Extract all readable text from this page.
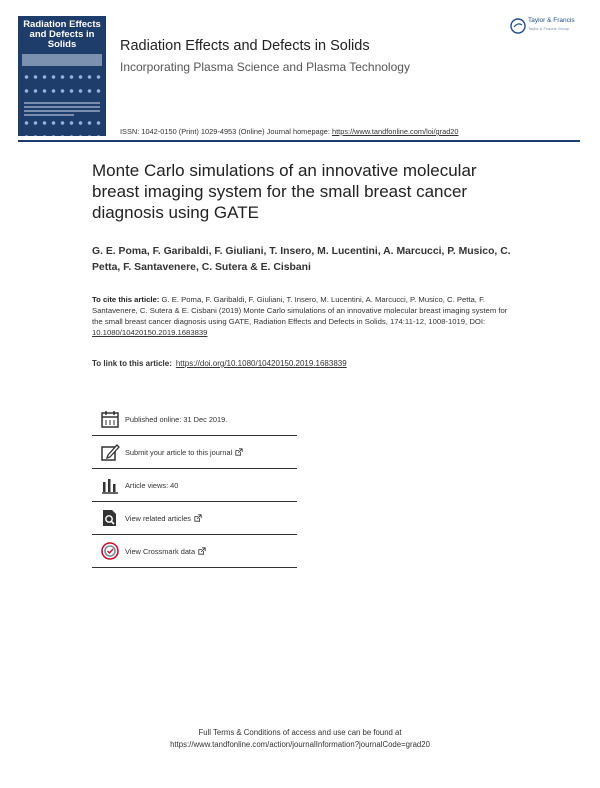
Radiation Effects and Defects in Solids	Radiation Effects and Defects in Solids
Incorporating Plasma Science and Plasma Technology
ISSN: 1042-0150 (Print) 1029-4953 (Online) Journal homepage: https://www.tandfonline.com/loi/grad20
Taylor & Francis
Taylor & Francis Group
Monte Carlo simulations of an innovative molecular breast imaging system for the small breast cancer diagnosis using GATE
G. E. Poma, F. Garibaldi, F. Giuliani, T. Insero, M. Lucentini, A. Marcucci, P. Musico, C. Petta, F. Santavenere, C. Sutera & E. Cisbani
To cite this article: G. E. Poma, F. Garibaldi, F. Giuliani, T. Insero, M. Lucentini, A. Marcucci, P. Musico, C. Petta, F. Santavenere, C. Sutera & E. Cisbani (2019) Monte Carlo simulations of an innovative molecular breast imaging system for the small breast cancer diagnosis using GATE, Radiation Effects and Defects in Solids, 174:11-12, 1008-1019, DOI: 10.1080/10420150.2019.1683839
To link to this article: https://doi.org/10.1080/10420150.2019.1683839
Published online: 31 Dec 2019.
Submit your article to this journal
Article views: 40
View related articles
View Crossmark data
Full Terms & Conditions of access and use can be found at
https://www.tandfonline.com/action/journalInformation?journalCode=grad20
